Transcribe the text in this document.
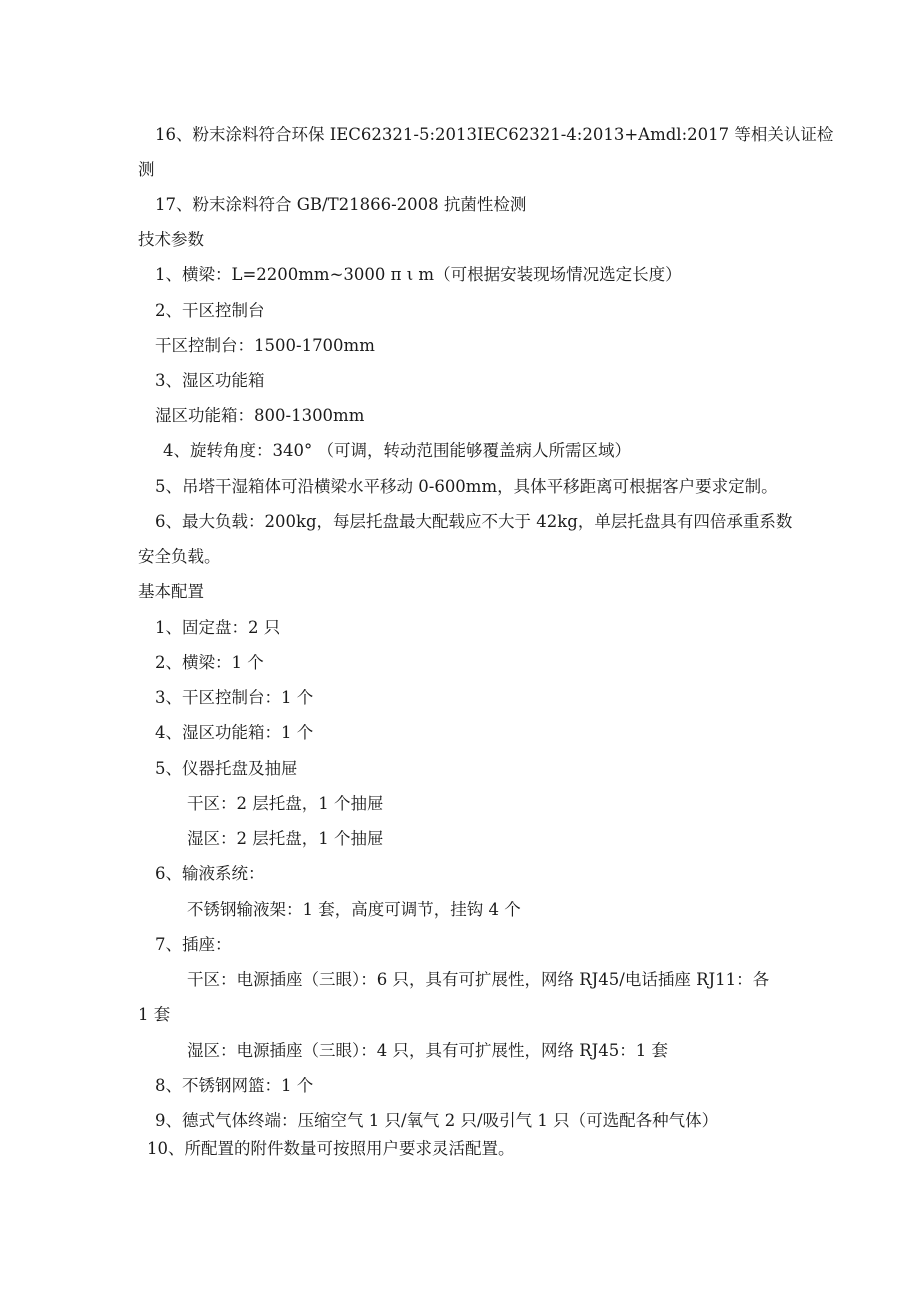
16、粉末涂料符合环保 IEC62321-5:2013IEC62321-4:2013+Amdl:2017 等相关认证检
测
17、粉末涂料符合 GB/T21866-2008 抗菌性检测
技术参数
1、横梁：L=2200mm~3000 π ι m（可根据安装现场情况选定长度）
2、干区控制台
干区控制台：1500-1700mm
3、湿区功能箱
湿区功能箱：800-1300mm
4、旋转角度：340° （可调，转动范围能够覆盖病人所需区域）
5、吊塔干湿箱体可沿横梁水平移动 0-600mm，具体平移距离可根据客户要求定制。
6、最大负载：200kg，每层托盘最大配载应不大于 42kg，单层托盘具有四倍承重系数
安全负载。
基本配置
1、固定盘：2 只
2、横梁：1 个
3、干区控制台：1 个
4、湿区功能箱：1 个
5、仪器托盘及抽屉
干区：2 层托盘，1 个抽屉
湿区：2 层托盘，1 个抽屉
6、输液系统：
不锈钢输液架：1 套，高度可调节，挂钩 4 个
7、插座：
干区：电源插座（三眼）：6 只，具有可扩展性，网络 RJ45/电话插座 RJ11：各
1 套
湿区：电源插座（三眼）：4 只，具有可扩展性，网络 RJ45：1 套
8、不锈钢网篮：1 个
9、德式气体终端：压缩空气 1 只/氧气 2 只/吸引气 1 只（可选配各种气体）
10、所配置的附件数量可按照用户要求灵活配置。
